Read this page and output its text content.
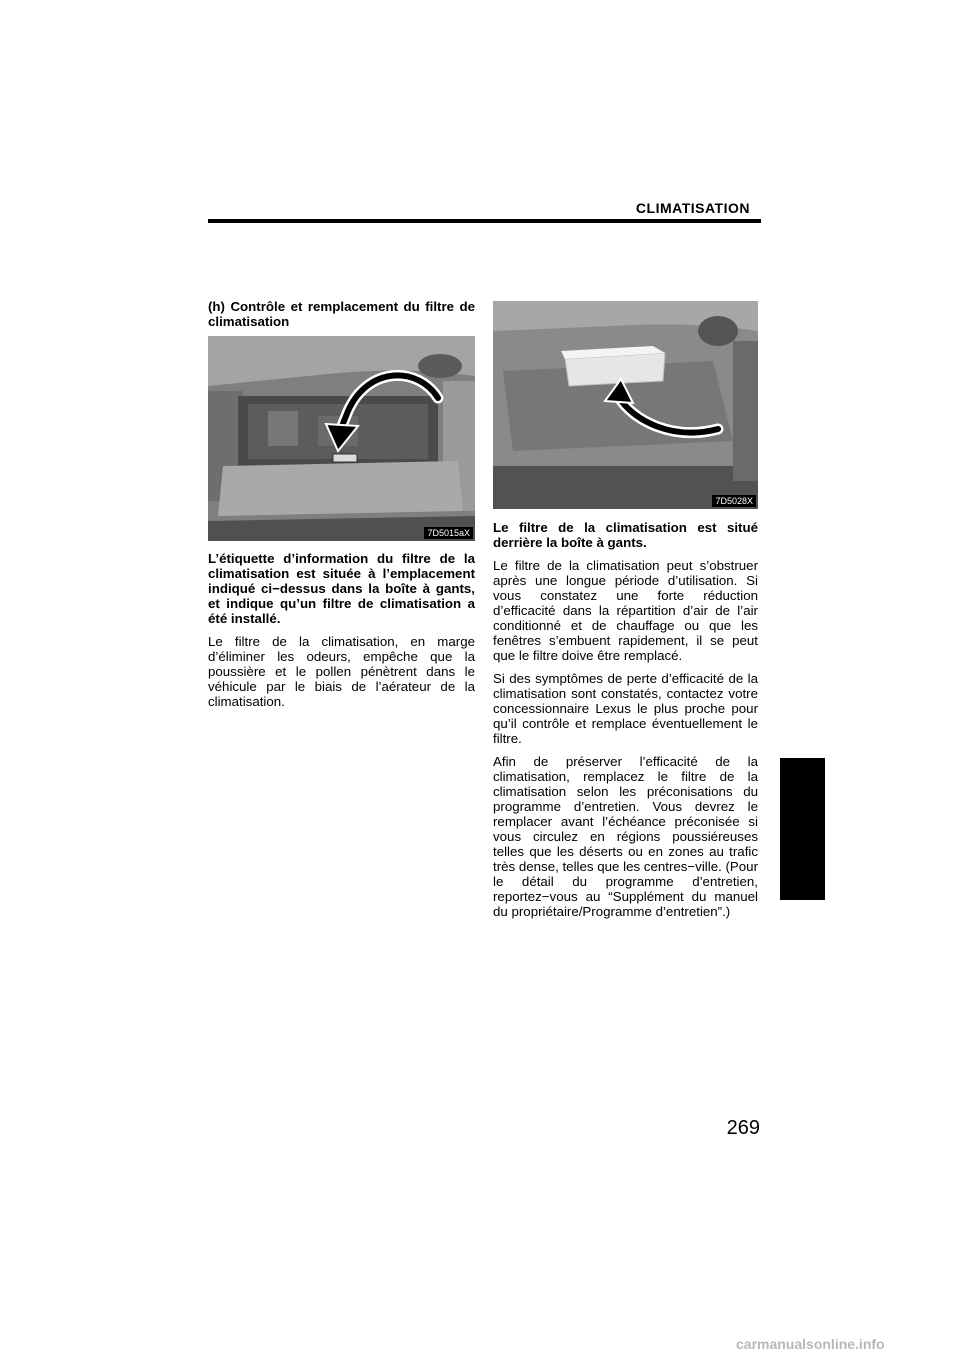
CLIMATISATION
(h) Contrôle et remplacement du filtre de climatisation
7D5015aX

L’étiquette d’information du filtre de la climatisation est située à l’emplacement indiqué ci−dessus dans la boîte à gants, et indique qu’un filtre de climatisation a été installé.

Le filtre de la climatisation, en marge d’éliminer les odeurs, empêche que la poussière et le pollen pénètrent dans le véhicule par le biais de l’aérateur de la climatisation.

7D5028X

Le filtre de la climatisation est situé derrière la boîte à gants.

Le filtre de la climatisation peut s’obstruer après une longue période d’utilisation. Si vous constatez une forte réduction d’efficacité dans la répartition d’air de l’air conditionné et de chauffage ou que les fenêtres s’embuent rapidement, il se peut que le filtre doive être remplacé.

Si des symptômes de perte d’efficacité de la climatisation sont constatés, contactez votre concessionnaire Lexus le plus proche pour qu’il contrôle et remplace éventuellement le filtre.

Afin de préserver l’efficacité de la climatisation, remplacez le filtre de la climatisation selon les préconisations du programme d’entretien. Vous devrez le remplacer avant l’échéance préconisée si vous circulez en régions poussiéreuses telles que les déserts ou en zones au trafic très dense, telles que les centres−ville. (Pour le détail du programme d’entretien, reportez−vous au “Supplément du manuel du propriétaire/Programme d’entretien”.)

269
carmanualsonline.info
